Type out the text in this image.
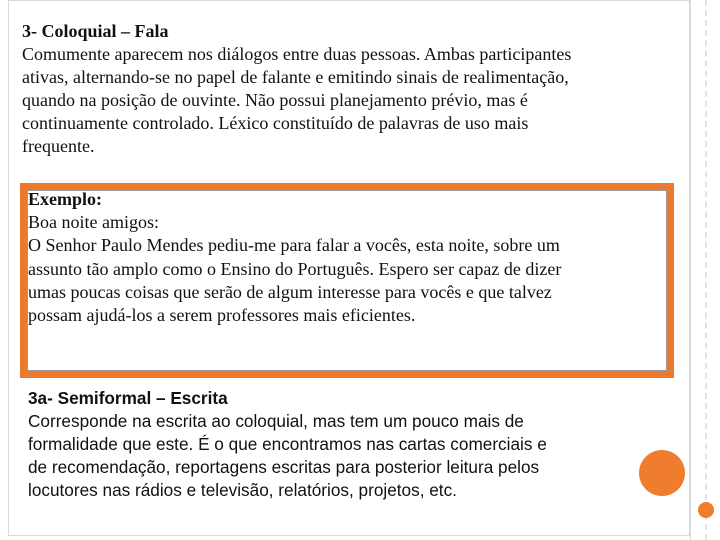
3- Coloquial – Fala
Comumente aparecem nos diálogos entre duas pessoas. Ambas participantes
ativas, alternando-se no papel de falante e emitindo sinais de realimentação,
quando na posição de ouvinte. Não possui planejamento prévio, mas é
continuamente controlado. Léxico constituído de palavras de uso mais
frequente.
Exemplo:
Boa noite amigos:
O Senhor Paulo Mendes pediu-me para falar a vocês, esta noite, sobre um
assunto tão amplo como o Ensino do Português. Espero ser capaz de dizer
umas poucas coisas que serão de algum interesse para vocês e que talvez
possam ajudá-los a serem professores mais eficientes.
3a- Semiformal – Escrita
Corresponde na escrita ao coloquial, mas tem um pouco mais de
formalidade que este. É o que encontramos nas cartas comerciais e
de recomendação, reportagens escritas para posterior leitura pelos
locutores nas rádios e televisão, relatórios, projetos, etc.
